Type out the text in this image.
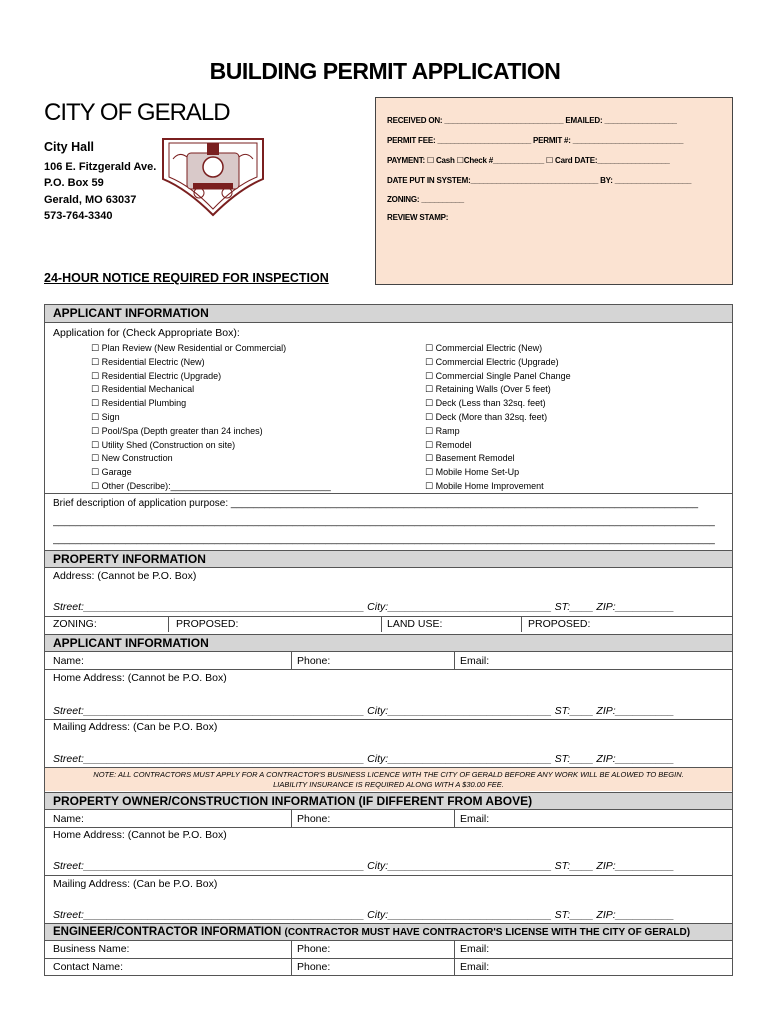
BUILDING PERMIT APPLICATION
CITY OF GERALD
City Hall
106 E. Fitzgerald Ave.
P.O. Box 59
Gerald, MO 63037
573-764-3340
RECEIVED ON: ____________________________ EMAILED: _________________
PERMIT FEE: ______________________ PERMIT #: __________________________
PAYMENT: ☐ Cash ☐Check #____________ ☐ Card DATE:_________________
DATE PUT IN SYSTEM:______________________________ BY: __________________
ZONING: __________
REVIEW STAMP:
24-HOUR NOTICE REQUIRED FOR INSPECTION
APPLICANT INFORMATION
Application for (Check Appropriate Box):
☐ Plan Review (New Residential or Commercial)
☐ Residential Electric (New)
☐ Residential Electric (Upgrade)
☐ Residential Mechanical
☐ Residential Plumbing
☐ Sign
☐ Pool/Spa (Depth greater than 24 inches)
☐ Utility Shed (Construction on site)
☐ New Construction
☐ Garage
☐ Other (Describe):________________________________
☐ Commercial Electric (New)
☐ Commercial Electric (Upgrade)
☐ Commercial Single Panel Change
☐ Retaining Walls (Over 5 feet)
☐ Deck (Less than 32sq. feet)
☐ Deck (More than 32sq. feet)
☐ Ramp
☐ Remodel
☐ Basement Remodel
☐ Mobile Home Set-Up
☐ Mobile Home Improvement
Brief description of application purpose: ____________________________________________________________________________________
_______________________________________________________________________________________________________________________
_______________________________________________________________________________________________________________________
PROPERTY INFORMATION
Address: (Cannot be P.O. Box)
Street:________________________________________________ City:____________________________ ST:____ ZIP:__________
ZONING:	PROPOSED:	LAND USE:	PROPOSED:
APPLICANT INFORMATION
Name:	Phone:	Email:
Home Address: (Cannot be P.O. Box)
Street:________________________________________________ City:____________________________ ST:____ ZIP:__________
Mailing Address: (Can be P.O. Box)
Street:________________________________________________ City:____________________________ ST:____ ZIP:__________
NOTE: ALL CONTRACTORS MUST APPLY FOR A CONTRACTOR'S BUSINESS LICENCE WITH THE CITY OF GERALD BEFORE ANY WORK WILL BE ALOWED TO BEGIN.
LIABILITY INSURANCE IS REQUIRED ALONG WITH A $30.00 FEE.
PROPERTY OWNER/CONSTRUCTION INFORMATION (IF DIFFERENT FROM ABOVE)
Name:	Phone:	Email:
Home Address: (Cannot be P.O. Box)
Street:________________________________________________ City:____________________________ ST:____ ZIP:__________
Mailing Address: (Can be P.O. Box)
Street:________________________________________________ City:____________________________ ST:____ ZIP:__________
ENGINEER/CONTRACTOR INFORMATION (CONTRACTOR MUST HAVE CONTRACTOR'S LICENSE WITH THE CITY OF GERALD)
Business Name:	Phone:	Email:
Contact Name:	Phone:	Email:
